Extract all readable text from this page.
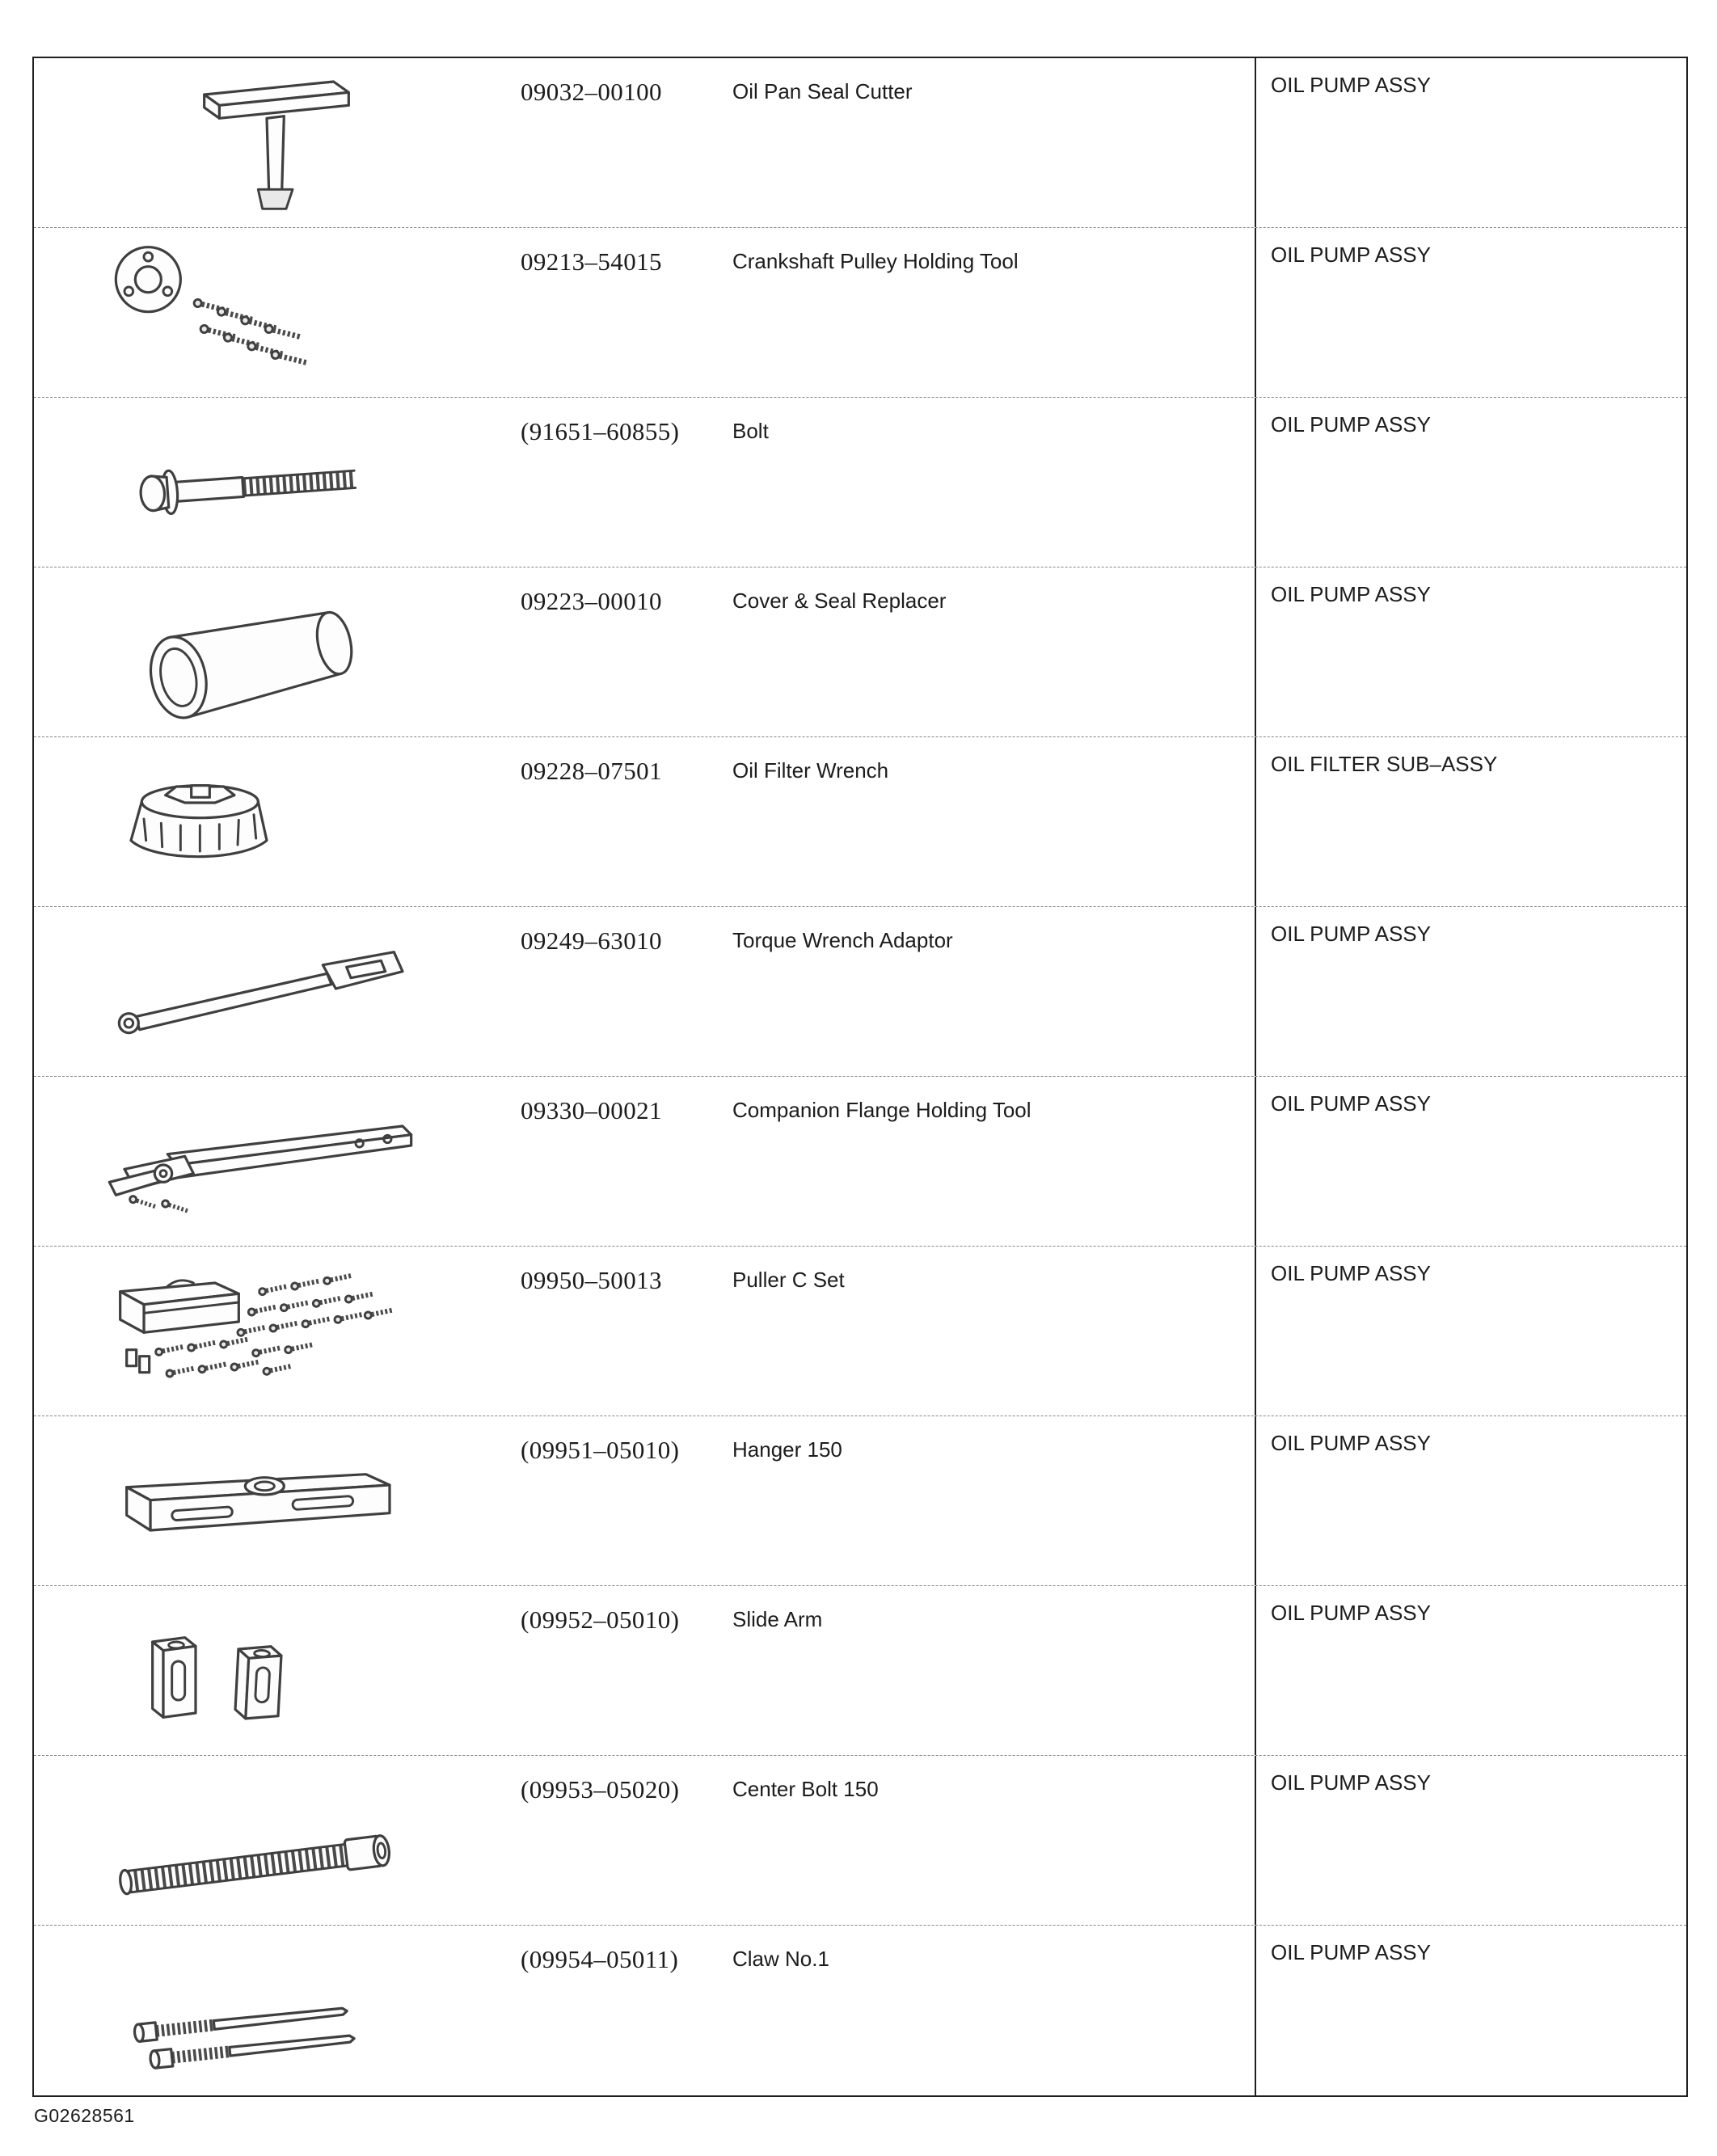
09032–00100	Oil Pan Seal Cutter	OIL PUMP ASSY
09213–54015	Crankshaft Pulley Holding Tool	OIL PUMP ASSY
(91651–60855)	Bolt	OIL PUMP ASSY
09223–00010	Cover & Seal Replacer	OIL PUMP ASSY
09228–07501	Oil Filter Wrench	OIL FILTER SUB–ASSY
09249–63010	Torque Wrench Adaptor	OIL PUMP ASSY
09330–00021	Companion Flange Holding Tool	OIL PUMP ASSY
09950–50013	Puller C Set	OIL PUMP ASSY
(09951–05010)	Hanger 150	OIL PUMP ASSY
(09952–05010)	Slide Arm	OIL PUMP ASSY
(09953–05020)	Center Bolt 150	OIL PUMP ASSY
(09954–05011)	Claw No.1	OIL PUMP ASSY
G02628561
